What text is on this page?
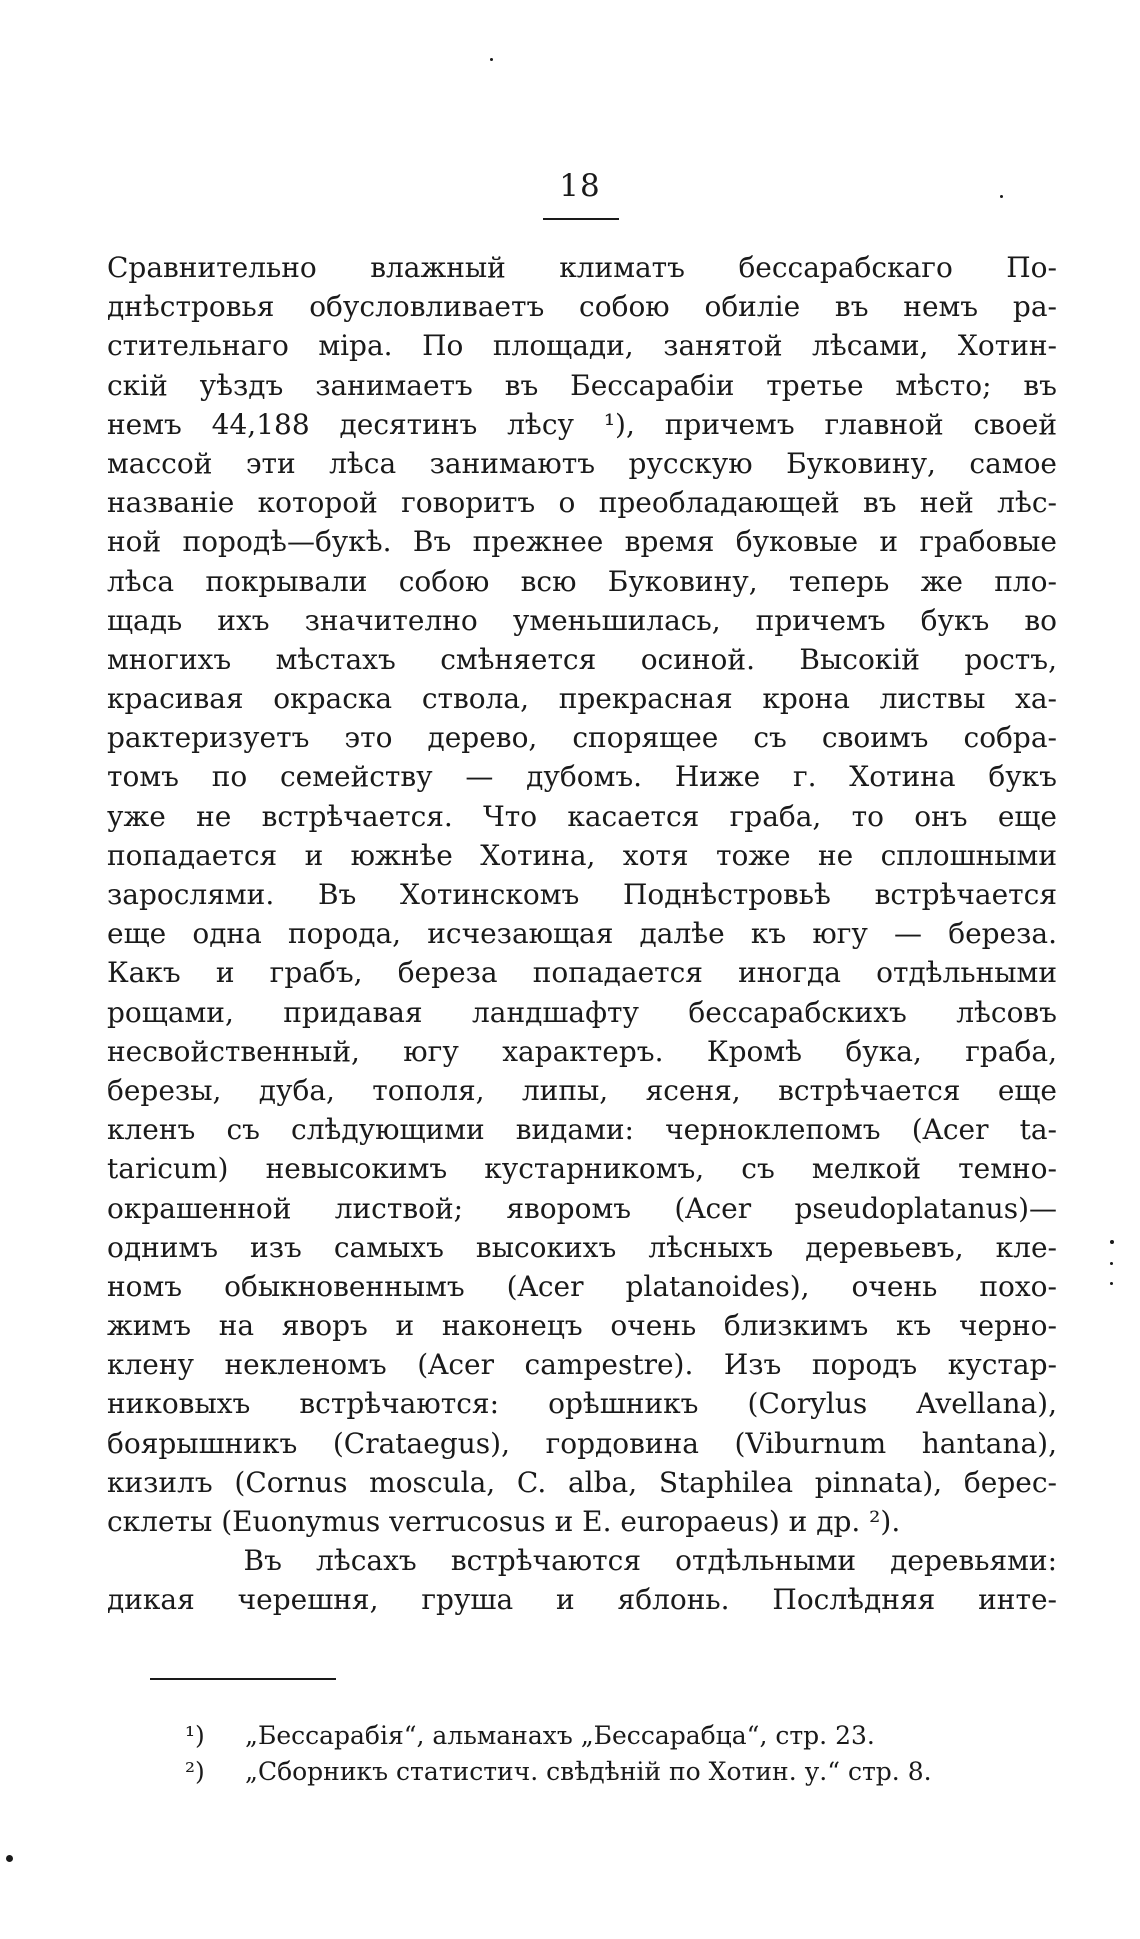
18
Сравнительно влажный климатъ бессарабскаго По-
днѣстровья обусловливаетъ собою обиліе въ немъ ра-
стительнаго міра. По площади, занятой лѣсами, Хотин-
скій уѣздъ занимаетъ въ Бессарабіи третье мѣсто; въ
немъ 44,188 десятинъ лѣсу ¹), причемъ главной своей
массой эти лѣса занимаютъ русскую Буковину, самое
названіе которой говоритъ о преобладающей въ ней лѣс-
ной породѣ—букѣ. Въ прежнее время буковые и грабовые
лѣса покрывали собою всю Буковину, теперь же пло-
щадь ихъ значително уменьшилась, причемъ букъ во
многихъ мѣстахъ смѣняется осиной. Высокій ростъ,
красивая окраска ствола, прекрасная крона листвы ха-
рактеризуетъ это дерево, спорящее съ своимъ собра-
томъ по семейству — дубомъ. Ниже г. Хотина букъ
уже не встрѣчается. Что касается граба, то онъ еще
попадается и южнѣе Хотина, хотя тоже не сплошными
зарослями. Въ Хотинскомъ Поднѣстровьѣ встрѣчается
еще одна порода, исчезающая далѣе къ югу — береза.
Какъ и грабъ, береза попадается иногда отдѣльными
рощами, придавая ландшафту бессарабскихъ лѣсовъ
несвойственный, югу характеръ. Кромѣ бука, граба,
березы, дуба, тополя, липы, ясеня, встрѣчается еще
кленъ съ слѣдующими видами: черноклепомъ (Acer ta-
taricum) невысокимъ кустарникомъ, съ мелкой темно-
окрашенной листвой; яворомъ (Acer pseudoplatanus)—
однимъ изъ самыхъ высокихъ лѣсныхъ деревьевъ, кле-
номъ обыкновеннымъ (Acer platanoides), очень похо-
жимъ на яворъ и наконецъ очень близкимъ къ черно-
клену неклeномъ (Acer campestre). Изъ породъ кустар-
никовыхъ встрѣчаются: орѣшникъ (Corylus Avellana),
боярышникъ (Crataegus), гордовина (Viburnum hantana),
кизилъ (Cornus moscula, C. alba, Staphilea pinnata), берес-
склеты (Euonymus verrucosus и E. europaeus) и др. ²).
Въ лѣсахъ встрѣчаются отдѣльными деревьями:
дикая черешня, груша и яблонь. Послѣдняя инте-
¹) „Бессарабія“, альманахъ „Бессарабца“, стр. 23.
²) „Сборникъ статистич. свѣдѣній по Хотин. у.“ стр. 8.
